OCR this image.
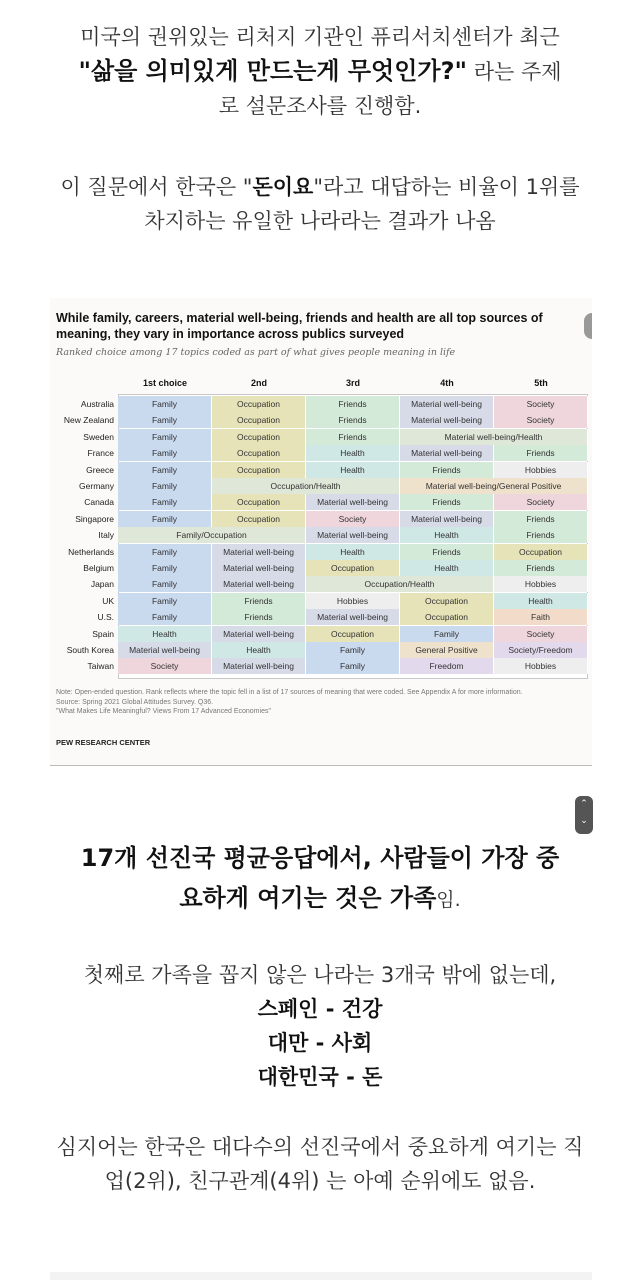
미국의 권위있는 리처지 기관인 퓨리서치센터가 최근
"삶을 의미있게 만드는게 무엇인가?" 라는 주제
로 설문조사를 진행함.
이 질문에서 한국은 "돈이요"라고 대답하는 비율이 1위를
차지하는 유일한 나라라는 결과가 나옴
While family, careers, material well-being, friends and health are all top sources of meaning, they vary in importance across publics surveyed
Ranked choice among 17 topics coded as part of what gives people meaning in life
1st choice	2nd	3rd	4th	5th
Australia	Family	Occupation	Friends	Material well-being	Society
New Zealand	Family	Occupation	Friends	Material well-being	Society
Sweden	Family	Occupation	Friends	Material well-being/Health
France	Family	Occupation	Health	Material well-being	Friends
Greece	Family	Occupation	Health	Friends	Hobbies
Germany	Family	Occupation/Health	Material well-being/General Positive
Canada	Family	Occupation	Material well-being	Friends	Society
Singapore	Family	Occupation	Society	Material well-being	Friends
Italy	Family/Occupation	Material well-being	Health	Friends
Netherlands	Family	Material well-being	Health	Friends	Occupation
Belgium	Family	Material well-being	Occupation	Health	Friends
Japan	Family	Material well-being	Occupation/Health	Hobbies
UK	Family	Friends	Hobbies	Occupation	Health
U.S.	Family	Friends	Material well-being	Occupation	Faith
Spain	Health	Material well-being	Occupation	Family	Society
South Korea	Material well-being	Health	Family	General Positive	Society/Freedom
Taiwan	Society	Material well-being	Family	Freedom	Hobbies
Note: Open-ended question. Rank reflects where the topic fell in a list of 17 sources of meaning that were coded. See Appendix A for more information.
Source: Spring 2021 Global Attitudes Survey. Q36.
"What Makes Life Meaningful? Views From 17 Advanced Economies"
PEW RESEARCH CENTER
⌃
⌄
17개 선진국 평균응답에서, 사람들이 가장 중
요하게 여기는 것은 가족임.
첫째로 가족을 꼽지 않은 나라는 3개국 밖에 없는데,
스페인 - 건강
대만 - 사회
대한민국 - 돈
심지어는 한국은 대다수의 선진국에서 중요하게 여기는 직
업(2위), 친구관계(4위) 는 아예 순위에도 없음.
